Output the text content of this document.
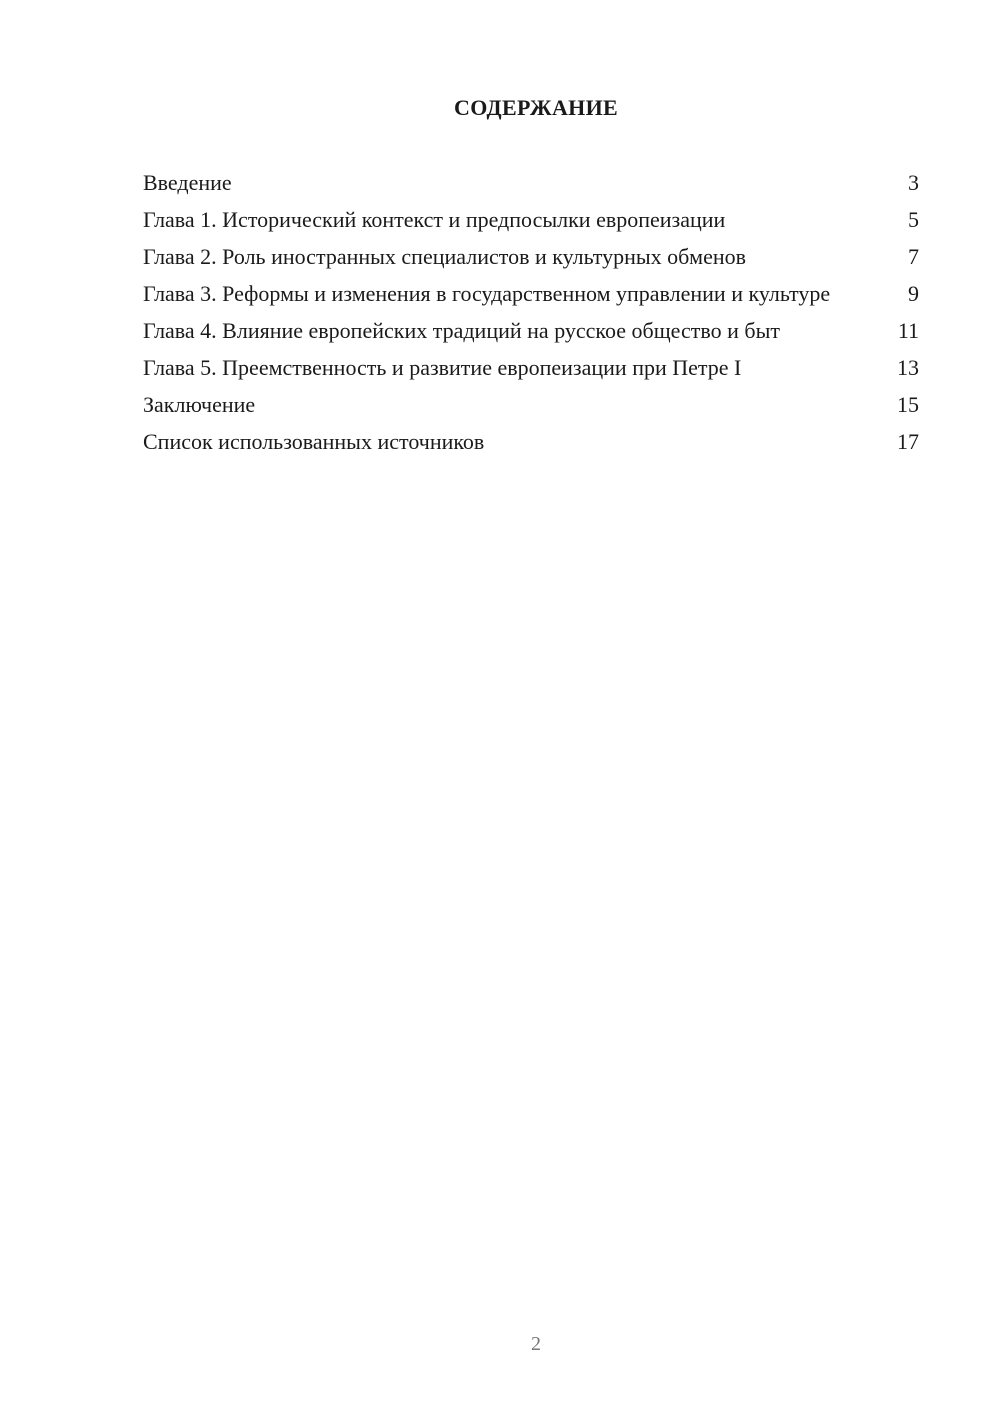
СОДЕРЖАНИЕ
Введение	3
Глава 1. Исторический контекст и предпосылки европеизации	5
Глава 2. Роль иностранных специалистов и культурных обменов	7
Глава 3. Реформы и изменения в государственном управлении и культуре	9
Глава 4. Влияние европейских традиций на русское общество и быт	11
Глава 5. Преемственность и развитие европеизации при Петре I	13
Заключение	15
Список использованных источников	17
2
